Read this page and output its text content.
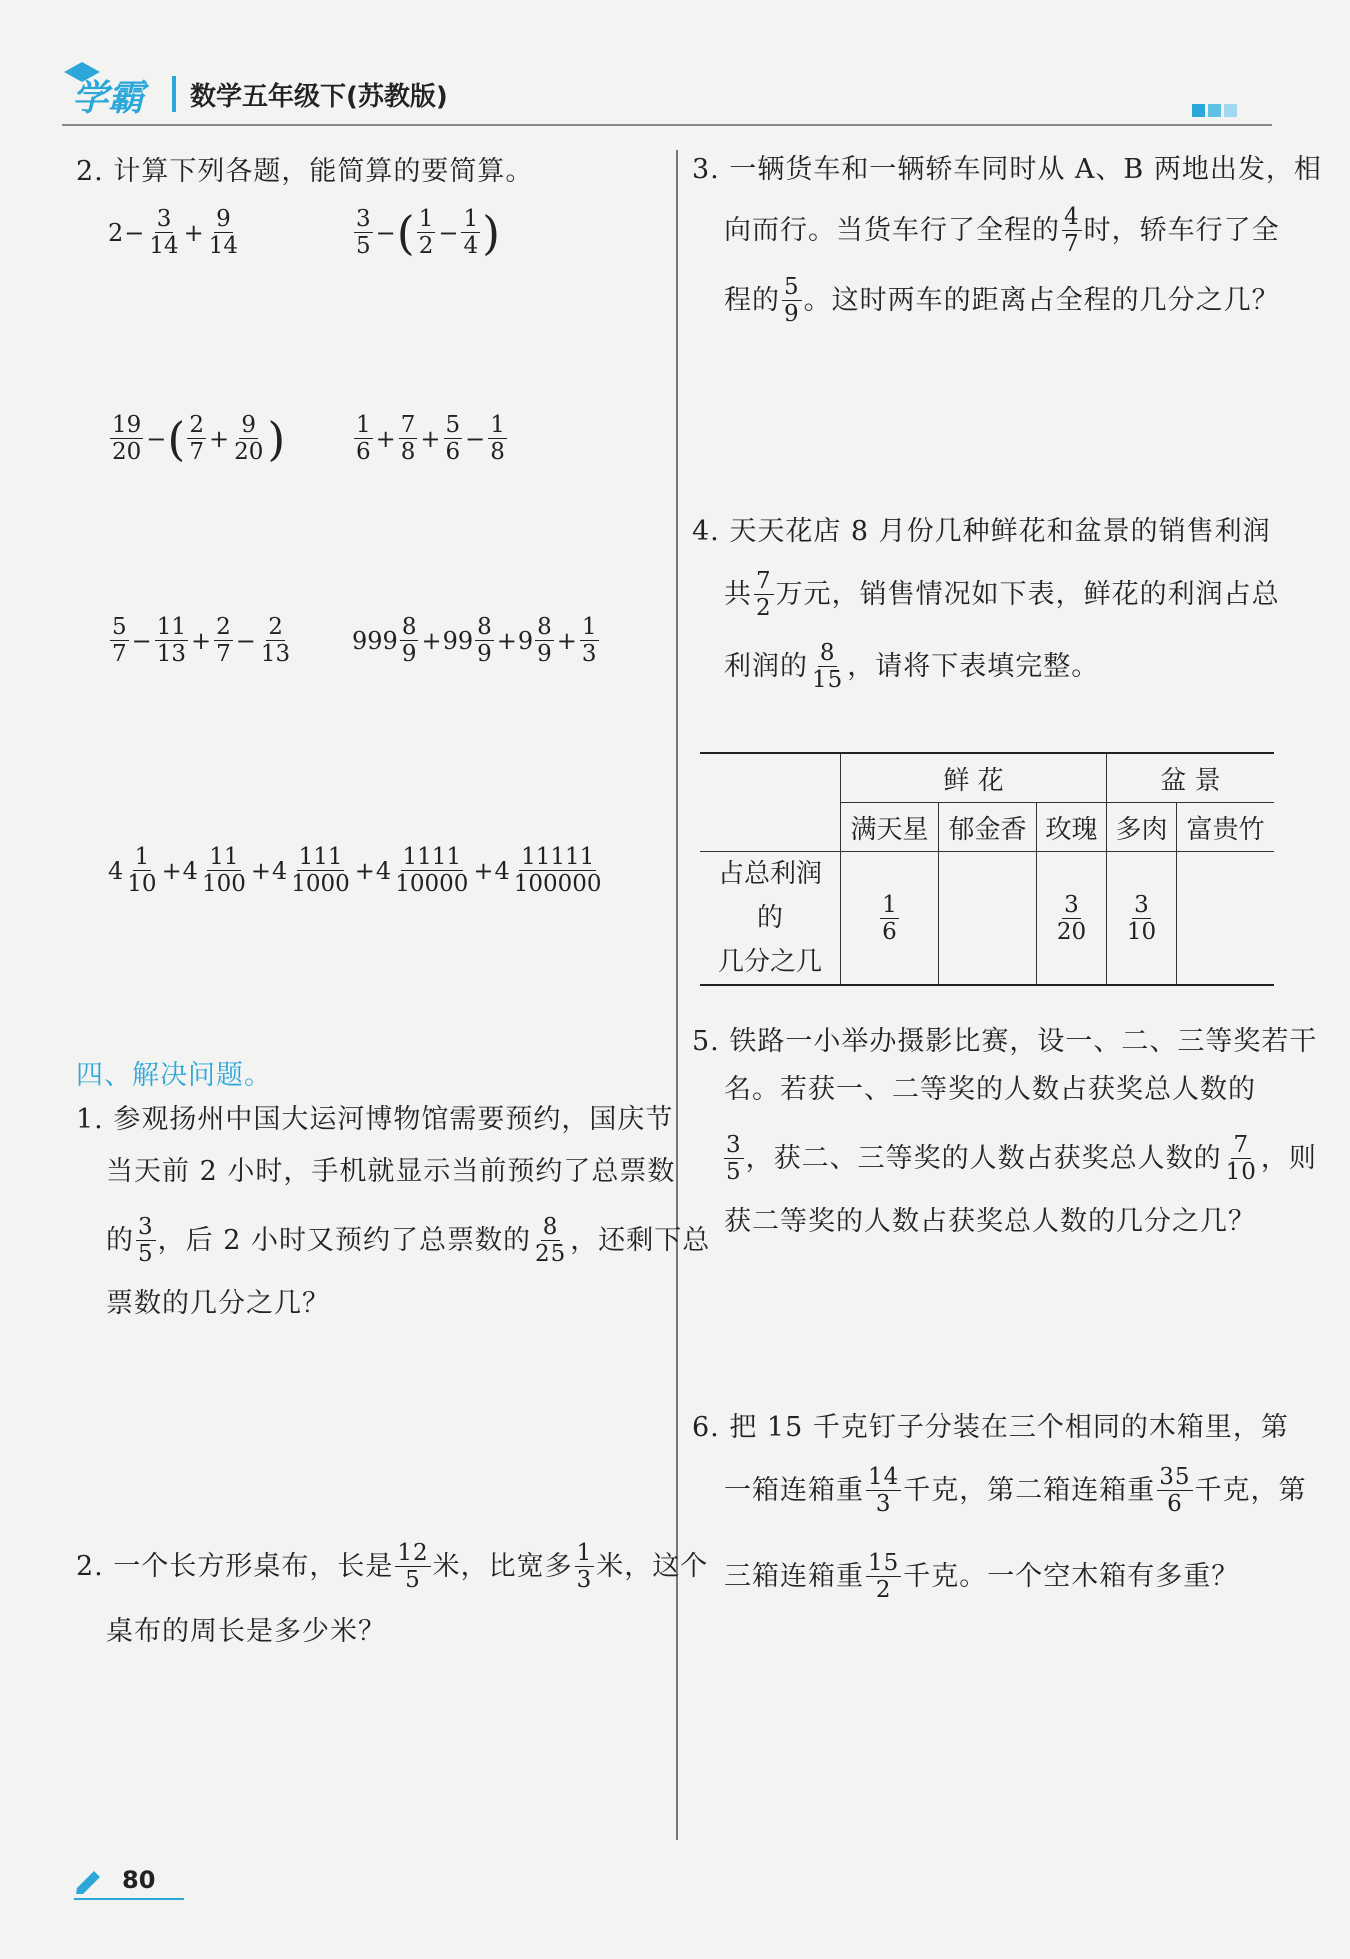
学霸 数学五年级下(苏教版)
2. 计算下列各题，能简算的要简算。
$2 - \frac{3}{14} + \frac{9}{14}$	$\frac{3}{5}$ − ( $\frac{1}{2} - \frac{1}{4}$ )
$\frac{19}{20}$ − ( $\frac{2}{7} + \frac{9}{20}$ )	$\frac{1}{6} + \frac{7}{8} + \frac{5}{6} - \frac{1}{8}$
$\frac{5}{7} - \frac{11}{13} + \frac{2}{7} - \frac{2}{13} 999 \frac{8}{9} + 99 \frac{8}{9} + 9 \frac{8}{9} + \frac{1}{3}$
$4 \frac{1}{10} + 4 \frac{11}{100} + 4 \frac{111}{1000} + 4 \frac{1111}{10000} + 4 \frac{11111}{100000}$
四、解决问题。
1. 参观扬州中国大运河博物馆需要预约，国庆节
当天前 2 小时，手机就显示当前预约了总票数
的 $\frac{3}{5}$ ，后 2 小时又预约了总票数的 $\frac{8}{25}$ ，还剩下总
票数的几分之几？
2. 一个长方形桌布，长是 $\frac{12}{5}$ 米，比宽多 $\frac{1}{3}$ 米，这个
桌布的周长是多少米？
3. 一辆货车和一辆轿车同时从 A、B 两地出发，相
向而行。当货车行了全程的 $\frac{4}{7}$ 时，轿车行了全
程的 $\frac{5}{9}$ 。这时两车的距离占全程的几分之几？
4. 天天花店 8 月份几种鲜花和盆景的销售利润
共 $\frac{7}{2}$ 万元，销售情况如下表，鲜花的利润占总
利润的 $\frac{8}{15}$ ，请将下表填完整。
	鲜 花			盆 景	
	满天星	郁金香	玫瑰	多肉	富贵竹
占总利润的
几分之几	$\frac{1}{6}$		$\frac{3}{20}$	$\frac{3}{10}$

5. 铁路一小举办摄影比赛，设一、二、三等奖若干
名。若获一、二等奖的人数占获奖总人数的
$\frac{3}{5}$ ，获二、三等奖的人数占获奖总人数的 $\frac{7}{10}$ ，则
获二等奖的人数占获奖总人数的几分之几？
6. 把 15 千克钉子分装在三个相同的木箱里，第
一箱连箱重 $\frac{14}{3}$ 千克，第二箱连箱重 $\frac{35}{6}$ 千克，第
三箱连箱重 $\frac{15}{2}$ 千克。一个空木箱有多重？
80
